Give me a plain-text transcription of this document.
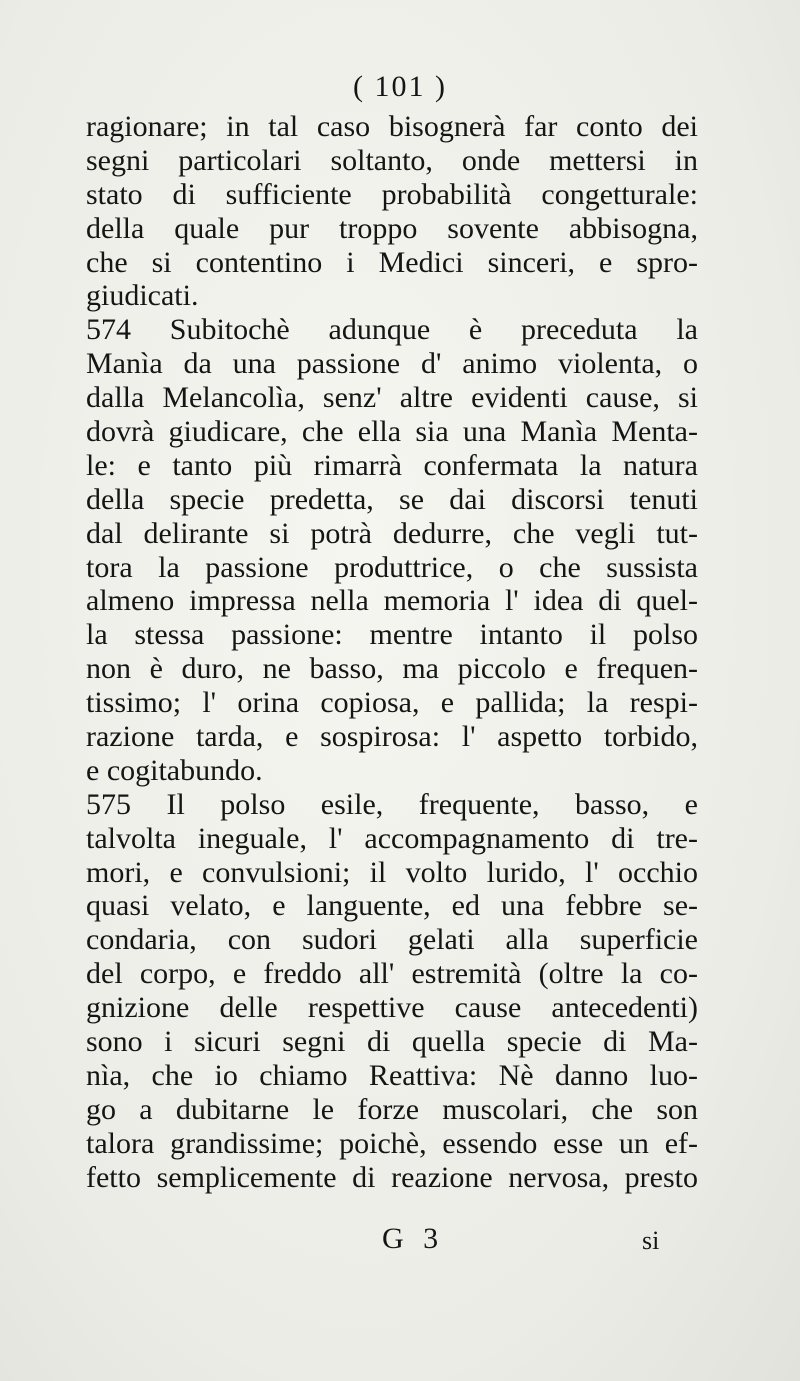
( 101 )
ragionare; in tal caso bisognerà far conto dei
segni particolari soltanto, onde mettersi in
stato di sufficiente probabilità congetturale:
della quale pur troppo sovente abbisogna,
che si contentino i Medici sinceri, e spro-
giudicati.
574 Subitochè adunque è preceduta la
Manìa da una passione d' animo violenta, o
dalla Melancolìa, senz' altre evidenti cause, si
dovrà giudicare, che ella sia una Manìa Menta-
le: e tanto più rimarrà confermata la natura
della specie predetta, se dai discorsi tenuti
dal delirante si potrà dedurre, che vegli tut-
tora la passione produttrice, o che sussista
almeno impressa nella memoria l' idea di quel-
la stessa passione: mentre intanto il polso
non è duro, ne basso, ma piccolo e frequen-
tissimo; l' orina copiosa, e pallida; la respi-
razione tarda, e sospirosa: l' aspetto torbido,
e cogitabundo.
575 Il polso esile, frequente, basso, e
talvolta ineguale, l' accompagnamento di tre-
mori, e convulsioni; il volto lurido, l' occhio
quasi velato, e languente, ed una febbre se-
condaria, con sudori gelati alla superficie
del corpo, e freddo all' estremità (oltre la co-
gnizione delle respettive cause antecedenti)
sono i sicuri segni di quella specie di Ma-
nìa, che io chiamo Reattiva: Nè danno luo-
go a dubitarne le forze muscolari, che son
talora grandissime; poichè, essendo esse un ef-
fetto semplicemente di reazione nervosa, presto
G 3	si
